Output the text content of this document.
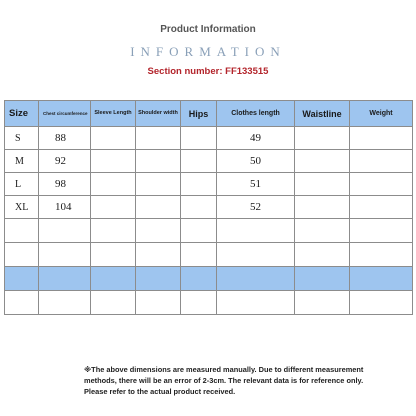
Product Information
INFORMATION
Section number: FF133515
Size	Chest circumference	Sleeve Length	Shoulder width	Hips	Clothes length	Waistline	Weight
S	88				49		
M	92				50		
L	98				51		
XL	104				52		

※The above dimensions are measured manually. Due to different measurement methods, there will be an error of 2-3cm. The relevant data is for reference only. Please refer to the actual product received.
